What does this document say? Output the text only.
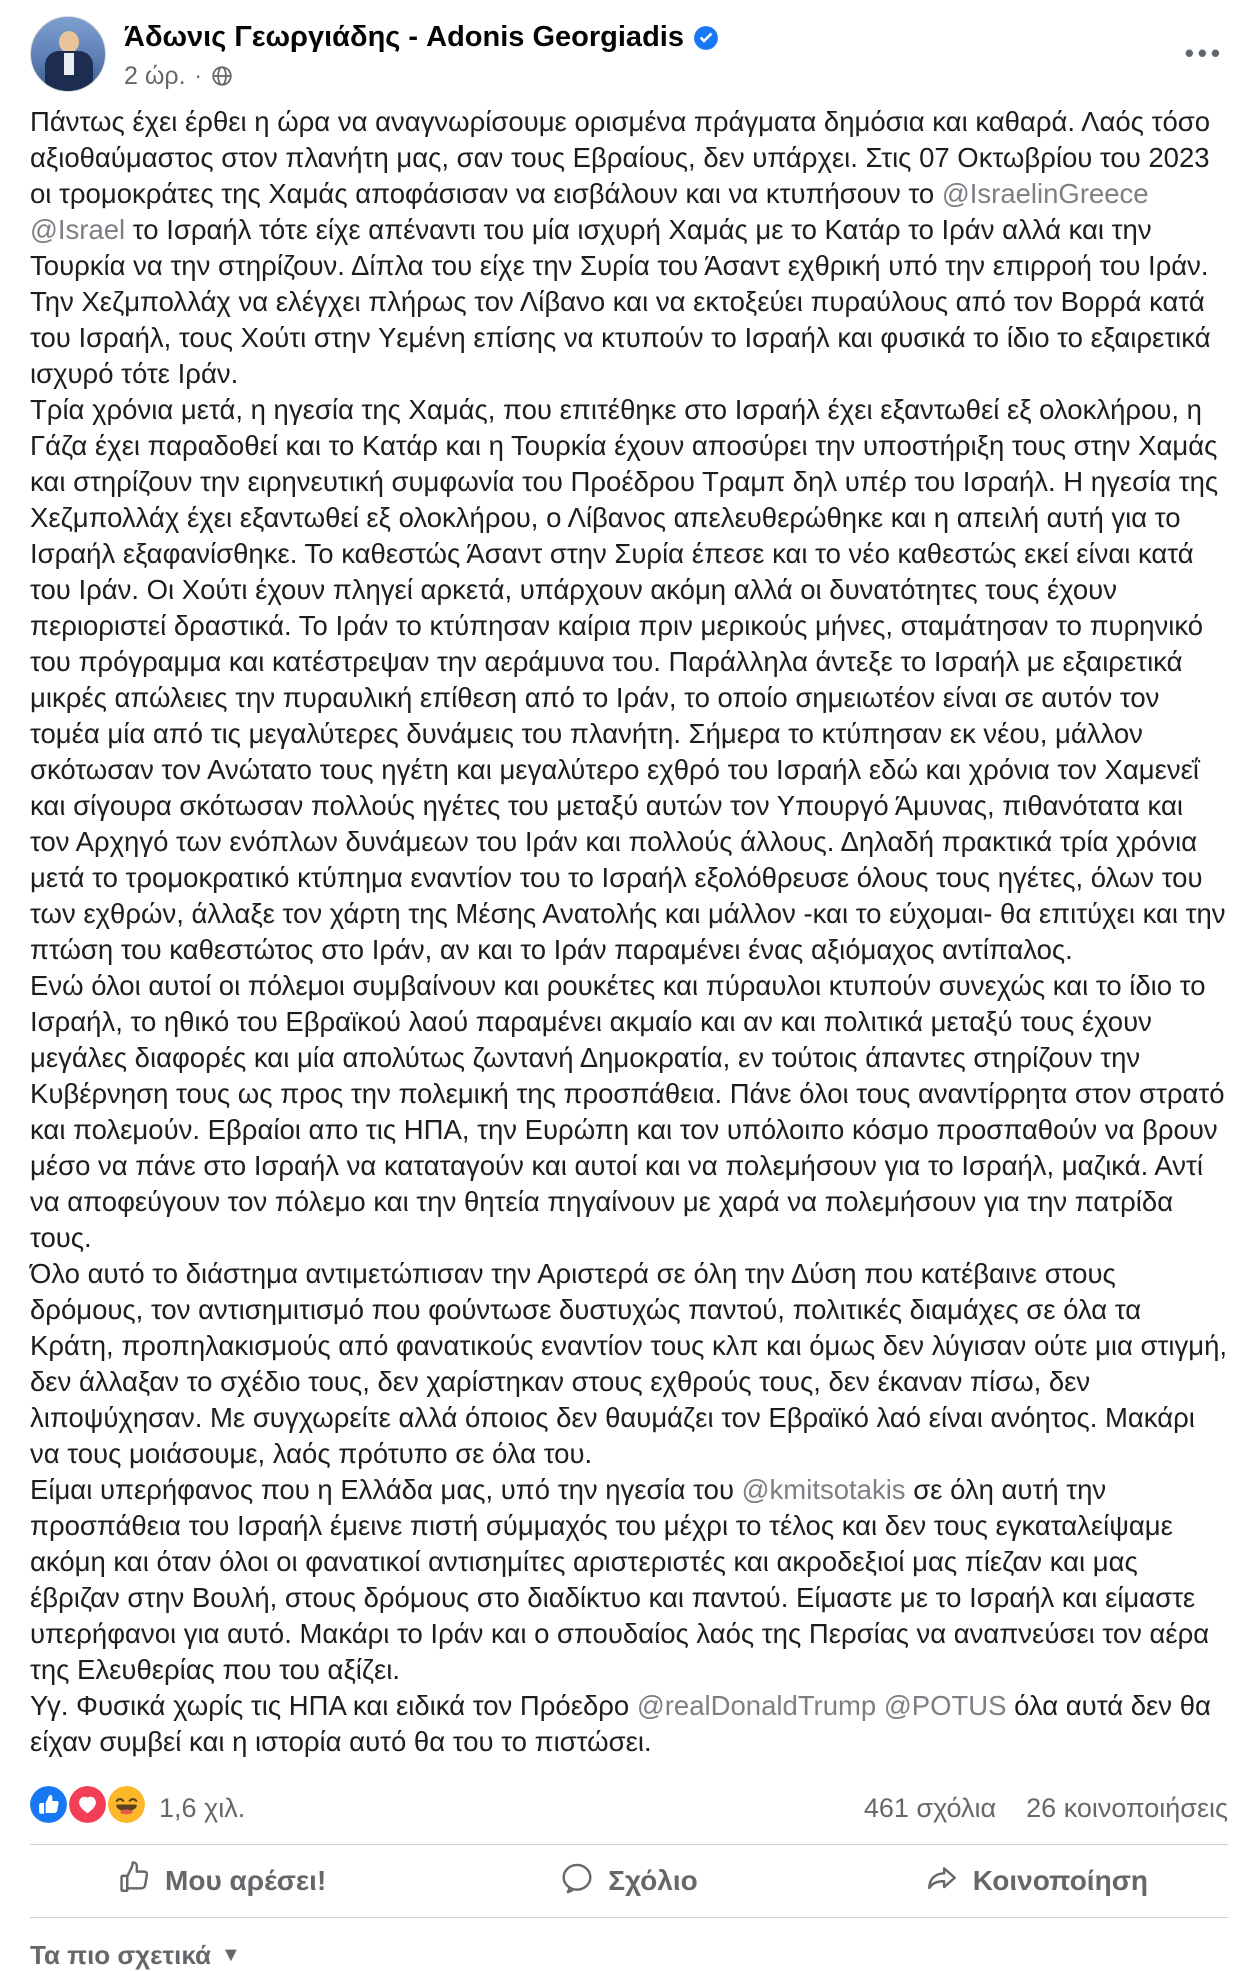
Άδωνις Γεωργιάδης - Adonis Georgiadis
2 ώρ. ·
•••

Πάντως έχει έρθει η ώρα να αναγνωρίσουμε ορισμένα πράγματα δημόσια και καθαρά. Λαός τόσο αξιοθαύμαστος στον πλανήτη μας, σαν τους Εβραίους, δεν υπάρχει. Στις 07 Οκτωβρίου του 2023 οι τρομοκράτες της Χαμάς αποφάσισαν να εισβάλουν και να κτυπήσουν το @IsraelinGreece @Israel το Ισραήλ τότε είχε απέναντι του μία ισχυρή Χαμάς με το Κατάρ το Ιράν αλλά και την Τουρκία να την στηρίζουν. Δίπλα του είχε την Συρία του Άσαντ εχθρική υπό την επιρροή του Ιράν. Την Χεζμπολλάχ να ελέγχει πλήρως τον Λίβανο και να εκτοξεύει πυραύλους από τον Βορρά κατά του Ισραήλ, τους Χούτι στην Υεμένη επίσης να κτυπούν το Ισραήλ και φυσικά το ίδιο το εξαιρετικά ισχυρό τότε Ιράν.

Τρία χρόνια μετά, η ηγεσία της Χαμάς, που επιτέθηκε στο Ισραήλ έχει εξαντωθεί εξ ολοκλήρου, η Γάζα έχει παραδοθεί και το Κατάρ και η Τουρκία έχουν αποσύρει την υποστήριξη τους στην Χαμάς και στηρίζουν την ειρηνευτική συμφωνία του Προέδρου Τραμπ δηλ υπέρ του Ισραήλ. Η ηγεσία της Χεζμπολλάχ έχει εξαντωθεί εξ ολοκλήρου, ο Λίβανος απελευθερώθηκε και η απειλή αυτή για το Ισραήλ εξαφανίσθηκε. Το καθεστώς Άσαντ στην Συρία έπεσε και το νέο καθεστώς εκεί είναι κατά του Ιράν. Οι Χούτι έχουν πληγεί αρκετά, υπάρχουν ακόμη αλλά οι δυνατότητες τους έχουν περιοριστεί δραστικά. Το Ιράν το κτύπησαν καίρια πριν μερικούς μήνες, σταμάτησαν το πυρηνικό του πρόγραμμα και κατέστρεψαν την αεράμυνα του. Παράλληλα άντεξε το Ισραήλ με εξαιρετικά μικρές απώλειες την πυραυλική επίθεση από το Ιράν, το οποίο σημειωτέον είναι σε αυτόν τον τομέα μία από τις μεγαλύτερες δυνάμεις του πλανήτη. Σήμερα το κτύπησαν εκ νέου, μάλλον σκότωσαν τον Ανώτατο τους ηγέτη και μεγαλύτερο εχθρό του Ισραήλ εδώ και χρόνια τον Χαμενεΐ και σίγουρα σκότωσαν πολλούς ηγέτες του μεταξύ αυτών τον Υπουργό Άμυνας, πιθανότατα και τον Αρχηγό των ενόπλων δυνάμεων του Ιράν και πολλούς άλλους. Δηλαδή πρακτικά τρία χρόνια μετά το τρομοκρατικό κτύπημα εναντίον του το Ισραήλ εξολόθρευσε όλους τους ηγέτες, όλων του των εχθρών, άλλαξε τον χάρτη της Μέσης Ανατολής και μάλλον -και το εύχομαι- θα επιτύχει και την πτώση του καθεστώτος στο Ιράν, αν και το Ιράν παραμένει ένας αξιόμαχος αντίπαλος.

Ενώ όλοι αυτοί οι πόλεμοι συμβαίνουν και ρουκέτες και πύραυλοι κτυπούν συνεχώς και το ίδιο το Ισραήλ, το ηθικό του Εβραϊκού λαού παραμένει ακμαίο και αν και πολιτικά μεταξύ τους έχουν μεγάλες διαφορές και μία απολύτως ζωντανή Δημοκρατία, εν τούτοις άπαντες στηρίζουν την Κυβέρνηση τους ως προς την πολεμική της προσπάθεια. Πάνε όλοι τους αναντίρρητα στον στρατό και πολεμούν. Εβραίοι απο τις ΗΠΑ, την Ευρώπη και τον υπόλοιπο κόσμο προσπαθούν να βρουν μέσο να πάνε στο Ισραήλ να καταταγούν και αυτοί και να πολεμήσουν για το Ισραήλ, μαζικά. Αντί να αποφεύγουν τον πόλεμο και την θητεία πηγαίνουν με χαρά να πολεμήσουν για την πατρίδα τους.

Όλο αυτό το διάστημα αντιμετώπισαν την Αριστερά σε όλη την Δύση που κατέβαινε στους δρόμους, τον αντισημιτισμό που φούντωσε δυστυχώς παντού, πολιτικές διαμάχες σε όλα τα Κράτη, προπηλακισμούς από φανατικούς εναντίον τους κλπ και όμως δεν λύγισαν ούτε μια στιγμή, δεν άλλαξαν το σχέδιο τους, δεν χαρίστηκαν στους εχθρούς τους, δεν έκαναν πίσω, δεν λιποψύχησαν. Με συγχωρείτε αλλά όποιος δεν θαυμάζει τον Εβραϊκό λαό είναι ανόητος. Μακάρι να τους μοιάσουμε, λαός πρότυπο σε όλα του.

Είμαι υπερήφανος που η Ελλάδα μας, υπό την ηγεσία του @kmitsotakis σε όλη αυτή την προσπάθεια του Ισραήλ έμεινε πιστή σύμμαχός του μέχρι το τέλος και δεν τους εγκαταλείψαμε ακόμη και όταν όλοι οι φανατικοί αντισημίτες αριστεριστές και ακροδεξιοί μας πίεζαν και μας έβριζαν στην Βουλή, στους δρόμους στο διαδίκτυο και παντού. Είμαστε με το Ισραήλ και είμαστε υπερήφανοι για αυτό. Μακάρι το Ιράν και ο σπουδαίος λαός της Περσίας να αναπνεύσει τον αέρα της Ελευθερίας που του αξίζει.

Υγ. Φυσικά χωρίς τις ΗΠΑ και ειδικά τον Πρόεδρο @realDonaldTrump @POTUS όλα αυτά δεν θα είχαν συμβεί και η ιστορία αυτό θα του το πιστώσει.

1,6 χιλ.	461 σχόλια 26 κοινοποιήσεις
Μου αρέσει!	Σχόλιο	Κοινοποίηση
Τα πιο σχετικά ▼
